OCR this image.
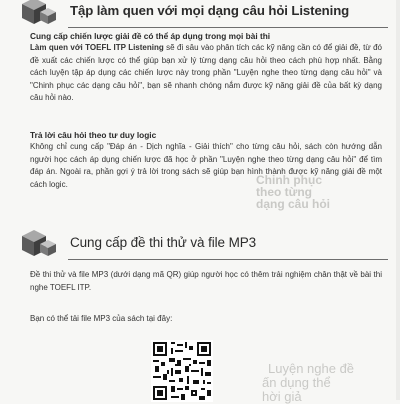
Tập làm quen với mọi dạng câu hỏi Listening
Cung cấp chiến lược giải đề có thể áp dụng trong mọi bài thi
Làm quen với TOEFL ITP Listening sẽ đi sâu vào phân tích các kỹ năng cần có để giải đề, từ đó đề xuất các chiến lược có thể giúp bạn xử lý từng dạng câu hỏi theo cách phù hợp nhất. Bằng cách luyện tập áp dụng các chiến lược này trong phần "Luyện nghe theo từng dạng câu hỏi" và "Chinh phục các dạng câu hỏi", bạn sẽ nhanh chóng nắm được kỹ năng giải đề của bất kỳ dạng câu hỏi nào.
Trả lời câu hỏi theo tư duy logic
Không chỉ cung cấp "Đáp án - Dịch nghĩa - Giải thích" cho từng câu hỏi, sách còn hướng dẫn người học cách áp dụng chiến lược đã học ở phần "Luyện nghe theo từng dạng câu hỏi" để tìm đáp án. Ngoài ra, phần gợi ý trả lời trong sách sẽ giúp bạn hình thành được kỹ năng giải đề một cách logic.	Chinh phục
theo từng
dạng câu hỏi
Cung cấp đề thi thử và file MP3
Đề thi thử và file MP3 (dưới dạng mã QR) giúp người học có thêm trải nghiệm chân thật về bài thi nghe TOEFL ITP.
Bạn có thể tải file MP3 của sách tại đây:
Luyện nghe đề
ấn dụng thể
hời giả
